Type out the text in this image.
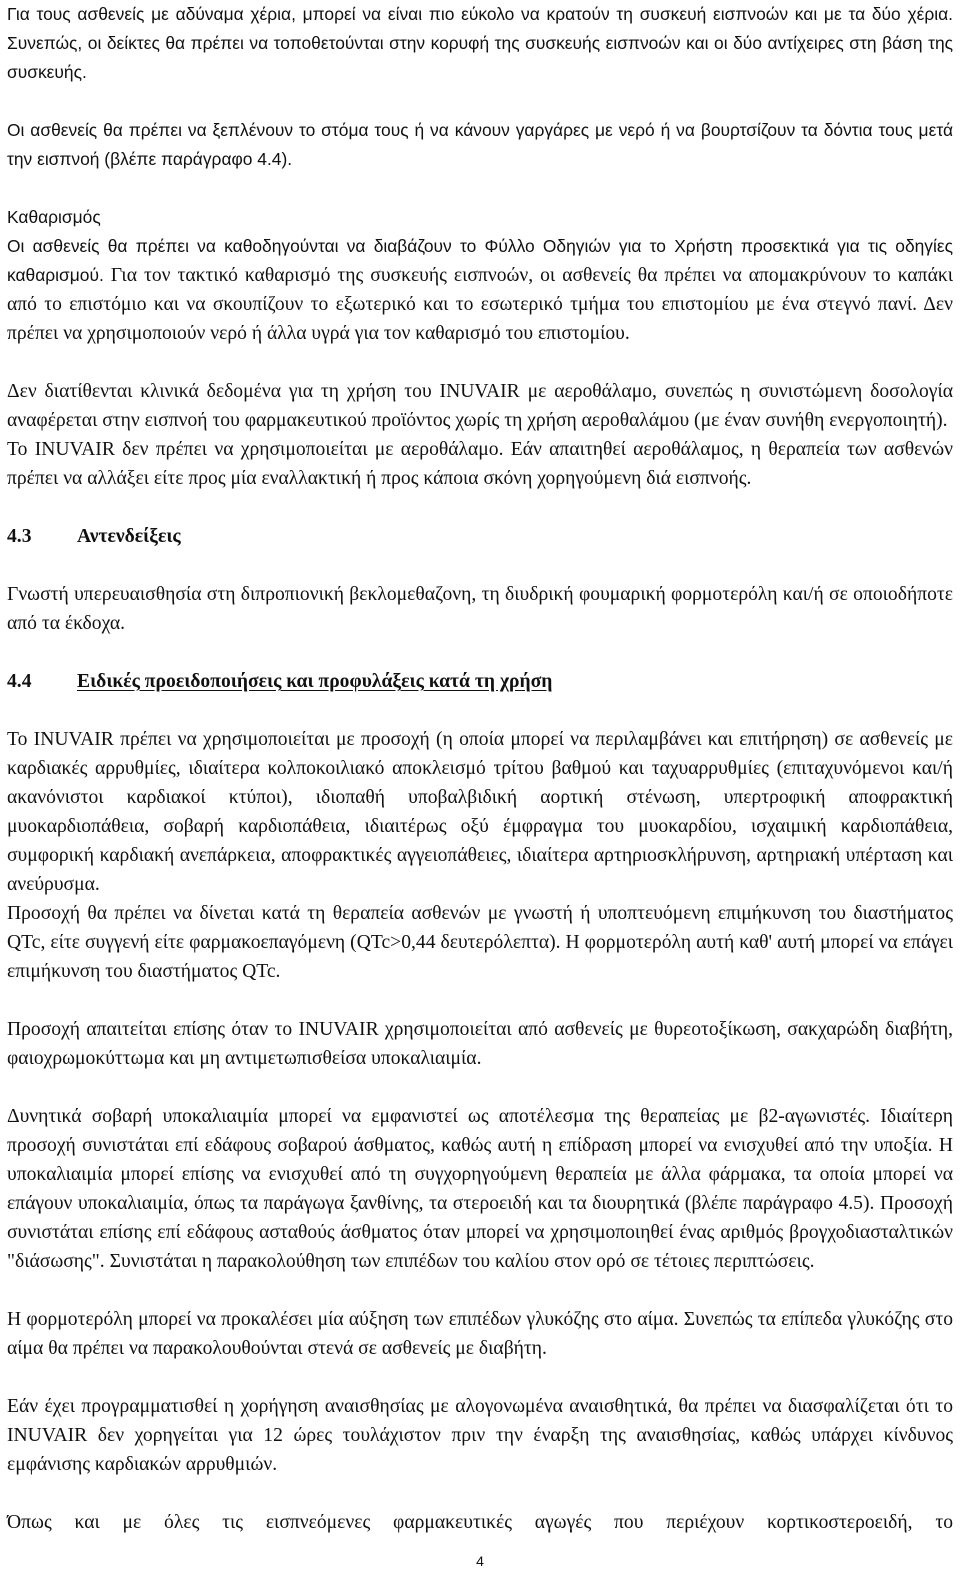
Για τους ασθενείς με αδύναμα χέρια, μπορεί να είναι πιο εύκολο να κρατούν τη συσκευή εισπνοών και με τα δύο χέρια. Συνεπώς, οι δείκτες θα πρέπει να τοποθετούνται στην κορυφή της συσκευής εισπνοών και οι δύο αντίχειρες στη βάση της συσκευής.

Οι ασθενείς θα πρέπει να ξεπλένουν το στόμα τους ή να κάνουν γαργάρες με νερό ή να βουρτσίζουν τα δόντια τους μετά την εισπνοή (βλέπε παράγραφο 4.4).

Καθαρισμός

Οι ασθενείς θα πρέπει να καθοδηγούνται να διαβάζουν το Φύλλο Οδηγιών για το Χρήστη προσεκτικά για τις οδηγίες καθαρισμού. Για τον τακτικό καθαρισμό της συσκευής εισπνοών, οι ασθενείς θα πρέπει να απομακρύνουν το καπάκι από το επιστόμιο και να σκουπίζουν το εξωτερικό και το εσωτερικό τμήμα του επιστομίου με ένα στεγνό πανί. Δεν πρέπει να χρησιμοποιούν νερό ή άλλα υγρά για τον καθαρισμό του επιστομίου.

Δεν διατίθενται κλινικά δεδομένα για τη χρήση του INUVAIR με αεροθάλαμο, συνεπώς η συνιστώμενη δοσολογία αναφέρεται στην εισπνοή του φαρμακευτικού προϊόντος χωρίς τη χρήση αεροθαλάμου (με έναν συνήθη ενεργοποιητή).

Το INUVAIR δεν πρέπει να χρησιμοποιείται με αεροθάλαμο. Εάν απαιτηθεί αεροθάλαμος, η θεραπεία των ασθενών πρέπει να αλλάξει είτε προς μία εναλλακτική ή προς κάποια σκόνη χορηγούμενη διά εισπνοής.

4.3 Αντενδείξεις

Γνωστή υπερευαισθησία στη διπροπιονική βεκλομεθαζονη, τη διυδρική φουμαρική φορμοτερόλη και/ή σε οποιοδήποτε από τα έκδοχα.

4.4 Ειδικές προειδοποιήσεις και προφυλάξεις κατά τη χρήση

Το INUVAIR πρέπει να χρησιμοποιείται με προσοχή (η οποία μπορεί να περιλαμβάνει και επιτήρηση) σε ασθενείς με καρδιακές αρρυθμίες, ιδιαίτερα κολποκοιλιακό αποκλεισμό τρίτου βαθμού και ταχυαρρυθμίες (επιταχυνόμενοι και/ή ακανόνιστοι καρδιακοί κτύποι), ιδιοπαθή υποβαλβιδική αορτική στένωση, υπερτροφική αποφρακτική μυοκαρδιοπάθεια, σοβαρή καρδιοπάθεια, ιδιαιτέρως οξύ έμφραγμα του μυοκαρδίου, ισχαιμική καρδιοπάθεια, συμφορική καρδιακή ανεπάρκεια, αποφρακτικές αγγειοπάθειες, ιδιαίτερα αρτηριοσκλήρυνση, αρτηριακή υπέρταση και ανεύρυσμα.

Προσοχή θα πρέπει να δίνεται κατά τη θεραπεία ασθενών με γνωστή ή υποπτευόμενη επιμήκυνση του διαστήματος QTc, είτε συγγενή είτε φαρμακοεπαγόμενη (QTc>0,44 δευτερόλεπτα). Η φορμοτερόλη αυτή καθ' αυτή μπορεί να επάγει επιμήκυνση του διαστήματος QTc.

Προσοχή απαιτείται επίσης όταν το INUVAIR χρησιμοποιείται από ασθενείς με θυρεοτοξίκωση, σακχαρώδη διαβήτη, φαιοχρωμοκύττωμα και μη αντιμετωπισθείσα υποκαλιαιμία.

Δυνητικά σοβαρή υποκαλιαιμία μπορεί να εμφανιστεί ως αποτέλεσμα της θεραπείας με β2-αγωνιστές. Ιδιαίτερη προσοχή συνιστάται επί εδάφους σοβαρού άσθματος, καθώς αυτή η επίδραση μπορεί να ενισχυθεί από την υποξία. Η υποκαλιαιμία μπορεί επίσης να ενισχυθεί από τη συγχορηγούμενη θεραπεία με άλλα φάρμακα, τα οποία μπορεί να επάγουν υποκαλιαιμία, όπως τα παράγωγα ξανθίνης, τα στεροειδή και τα διουρητικά (βλέπε παράγραφο 4.5). Προσοχή συνιστάται επίσης επί εδάφους ασταθούς άσθματος όταν μπορεί να χρησιμοποιηθεί ένας αριθμός βρογχοδιασταλτικών "διάσωσης". Συνιστάται η παρακολούθηση των επιπέδων του καλίου στον ορό σε τέτοιες περιπτώσεις.

Η φορμοτερόλη μπορεί να προκαλέσει μία αύξηση των επιπέδων γλυκόζης στο αίμα. Συνεπώς τα επίπεδα γλυκόζης στο αίμα θα πρέπει να παρακολουθούνται στενά σε ασθενείς με διαβήτη.

Εάν έχει προγραμματισθεί η χορήγηση αναισθησίας με αλογονωμένα αναισθητικά, θα πρέπει να διασφαλίζεται ότι το INUVAIR δεν χορηγείται για 12 ώρες τουλάχιστον πριν την έναρξη της αναισθησίας, καθώς υπάρχει κίνδυνος εμφάνισης καρδιακών αρρυθμιών.

Όπως και με όλες τις εισπνεόμενες φαρμακευτικές αγωγές που περιέχουν κορτικοστεροειδή, το

4
